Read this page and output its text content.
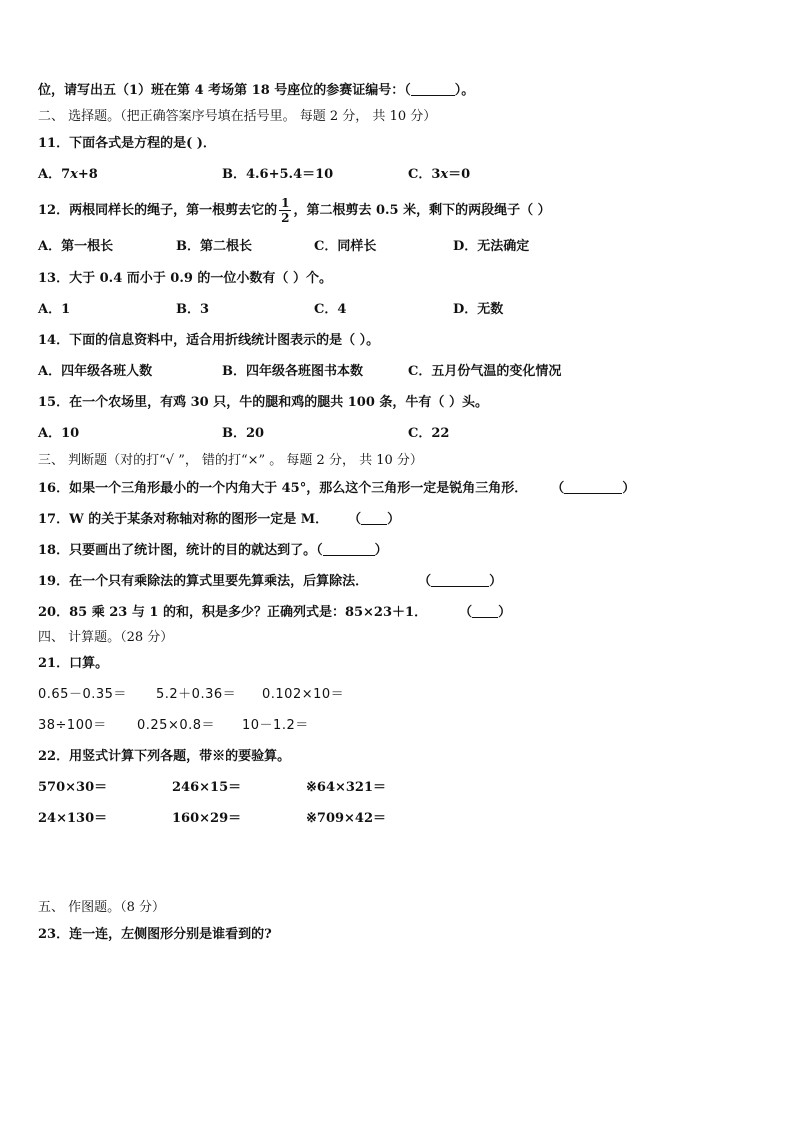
位，请写出五（1）班在第 4 考场第 18 号座位的参赛证编号：（	）。
二、 选择题。（把正确答案序号填在括号里。 每题 2 分， 共 10 分）
11．下面各式是方程的是( )．
A．7x+8	B．4.6+5.4＝10	C．3x＝0
12．两根同样长的绳子，第一根剪去它的 $\frac{1}{2}$ ，第二根剪去 0.5 米，剩下的两段绳子（ ）
A．第一根长	B．第二根长	C．同样长	D．无法确定
13．大于 0.4 而小于 0.9 的一位小数有（ ）个。
A．1	B．3	C．4	D．无数
14．下面的信息资料中，适合用折线统计图表示的是（ ）。
A．四年级各班人数	B．四年级各班图书本数	C．五月份气温的变化情况
15．在一个农场里，有鸡 30 只，牛的腿和鸡的腿共 100 条，牛有（ ）头。
A．10	B．20	C．22
三、 判断题（对的打“√ ”， 错的打“×” 。 每题 2 分， 共 10 分）
16．如果一个三角形最小的一个内角大于 45°，那么这个三角形一定是锐角三角形． （	）
17．W 的关于某条对称轴对称的图形一定是 M． （ ）
18．只要画出了统计图，统计的目的就达到了。（	）
19．在一个只有乘除法的算式里要先算乘法，后算除法．	（	）
20．85 乘 23 与 1 的和，积是多少？正确列式是：85×23＋1． （ ）
四、 计算题。（28 分）
21．口算。
0.65－0.35＝ 5.2＋0.36＝ 0.102×10＝
38÷100＝ 0.25×0.8＝ 10－1.2＝
22．用竖式计算下列各题，带※的要验算。
570×30＝	246×15＝	※64×321＝
24×130＝	160×29＝	※709×42＝
五、 作图题。（8 分）
23．连一连，左侧图形分别是谁看到的?
